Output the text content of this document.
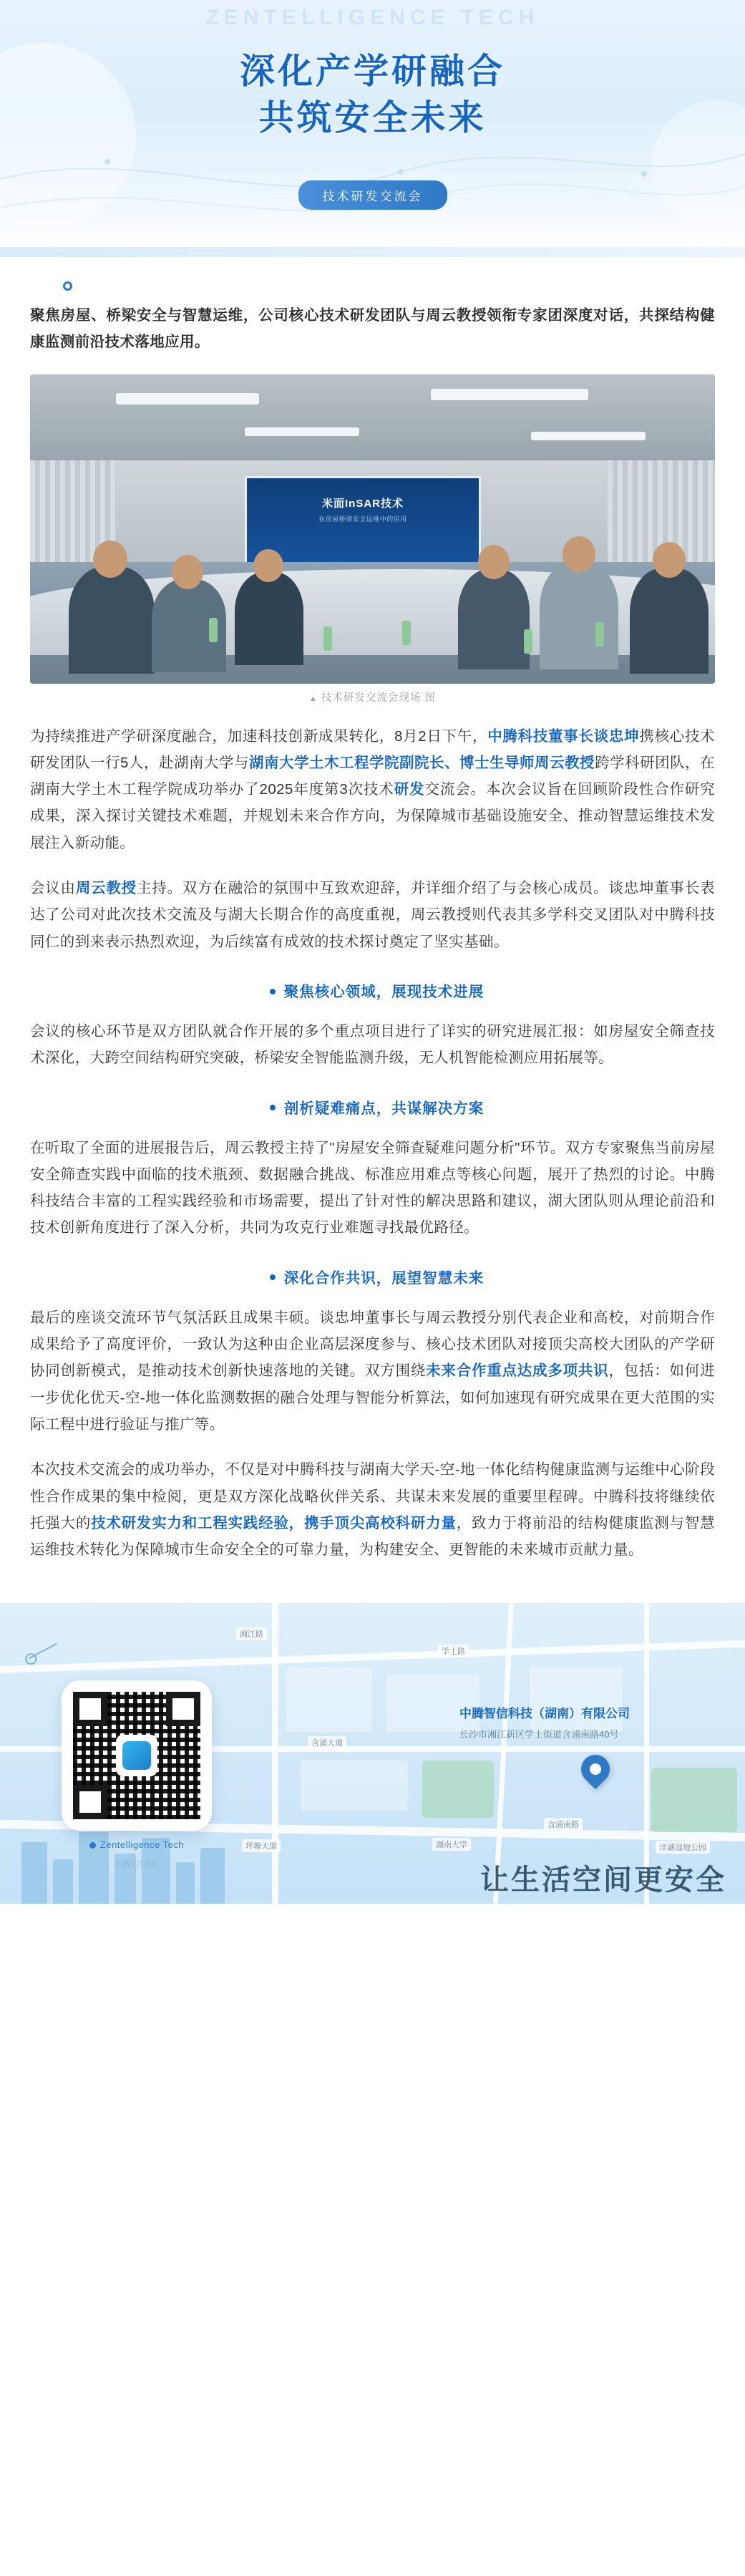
ZENTELLIGENCE TECH
深化产学研融合
共筑安全未来
技术研发交流会

聚焦房屋、桥梁安全与智慧运维，公司核心技术研发团队与周云教授领衔专家团深度对话，共探结构健康监测前沿技术落地应用。

米面InSAR技术
在房屋桥梁安全运维中的应用
▲ 技术研发交流会现场 图

为持续推进产学研深度融合，加速科技创新成果转化，8月2日下午，中腾科技董事长谈忠坤携核心技术研发团队一行5人，赴湖南大学与湖南大学土木工程学院副院长、博士生导师周云教授跨学科研团队，在湖南大学土木工程学院成功举办了2025年度第3次技术研发交流会。本次会议旨在回顾阶段性合作研究成果，深入探讨关键技术难题，并规划未来合作方向，为保障城市基础设施安全、推动智慧运维技术发展注入新动能。

会议由周云教授主持。双方在融洽的氛围中互致欢迎辞，并详细介绍了与会核心成员。谈忠坤董事长表达了公司对此次技术交流及与湖大长期合作的高度重视，周云教授则代表其多学科交叉团队对中腾科技同仁的到来表示热烈欢迎，为后续富有成效的技术探讨奠定了坚实基础。

聚焦核心领域，展现技术进展

会议的核心环节是双方团队就合作开展的多个重点项目进行了详实的研究进展汇报：如房屋安全筛查技术深化，大跨空间结构研究突破，桥梁安全智能监测升级，无人机智能检测应用拓展等。

剖析疑难痛点，共谋解决方案

在听取了全面的进展报告后，周云教授主持了"房屋安全筛查疑难问题分析"环节。双方专家聚焦当前房屋安全筛查实践中面临的技术瓶颈、数据融合挑战、标准应用难点等核心问题，展开了热烈的讨论。中腾科技结合丰富的工程实践经验和市场需要，提出了针对性的解决思路和建议，湖大团队则从理论前沿和技术创新角度进行了深入分析，共同为攻克行业难题寻找最优路径。

深化合作共识，展望智慧未来

最后的座谈交流环节气氛活跃且成果丰硕。谈忠坤董事长与周云教授分别代表企业和高校，对前期合作成果给予了高度评价，一致认为这种由企业高层深度参与、核心技术团队对接顶尖高校大团队的产学研协同创新模式，是推动技术创新快速落地的关键。双方围绕未来合作重点达成多项共识，包括：如何进一步优化优天-空-地一体化监测数据的融合处理与智能分析算法，如何加速现有研究成果在更大范围的实际工程中进行验证与推广等。

本次技术交流会的成功举办，不仅是对中腾科技与湖南大学天-空-地一体化结构健康监测与运维中心阶段性合作成果的集中检阅，更是双方深化战略伙伴关系、共谋未来发展的重要里程碑。中腾科技将继续依托强大的技术研发实力和工程实践经验，携手顶尖高校科研力量，致力于将前沿的结构健康监测与智慧运维技术转化为保障城市生命安全全的可靠力量，为构建安全、更智能的未来城市贡献力量。

湘江路
学士路
含浦大道
含浦南路
洋湖湿地公园
坪塘大道	湖南大学
Zentelligence Tech
扫描关注我们
中腾智信科技（湖南）有限公司
长沙市湘江新区学士街道含浦南路40号
让生活空间更安全
